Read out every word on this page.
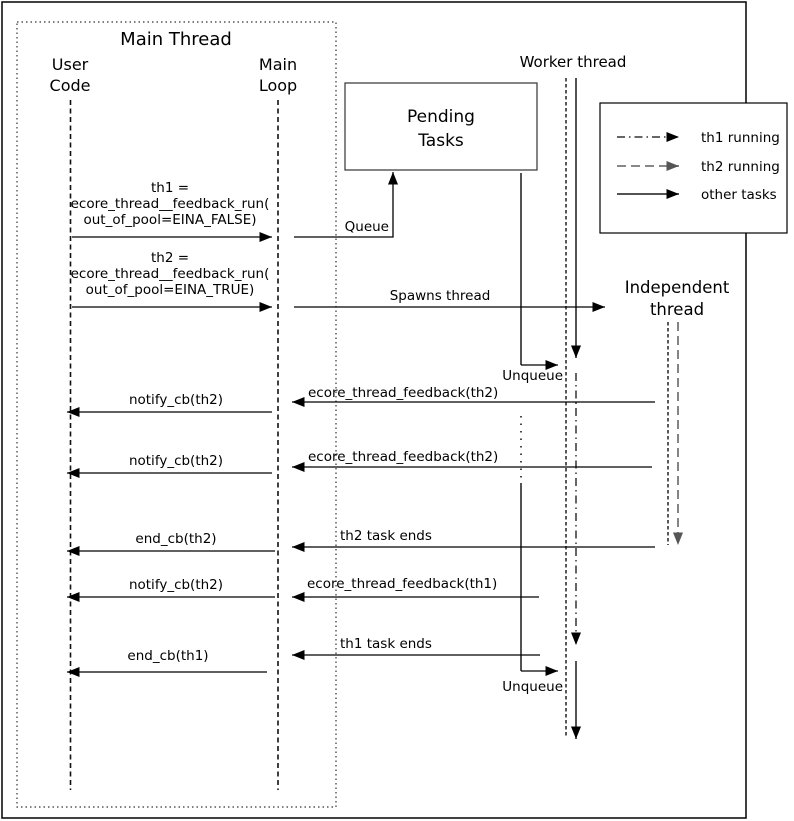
Main Thread
User
Code
Main
Loop
Pending
Tasks
Worker thread
Independent
thread
th1 =
ecore_thread__feedback_run(
out_of_pool=EINA_FALSE)	Queue
th2 =
ecore_thread__feedback_run(
out_of_pool=EINA_TRUE)	Spawns thread
Unqueue
ecore_thread_feedback(th2)
notify_cb(th2)
ecore_thread_feedback(th2)
notify_cb(th2)
th2 task ends
end_cb(th2)
ecore_thread_feedback(th1)
notify_cb(th2)
th1 task ends
end_cb(th1)
Unqueue
th1 running
th2 running
other tasks
